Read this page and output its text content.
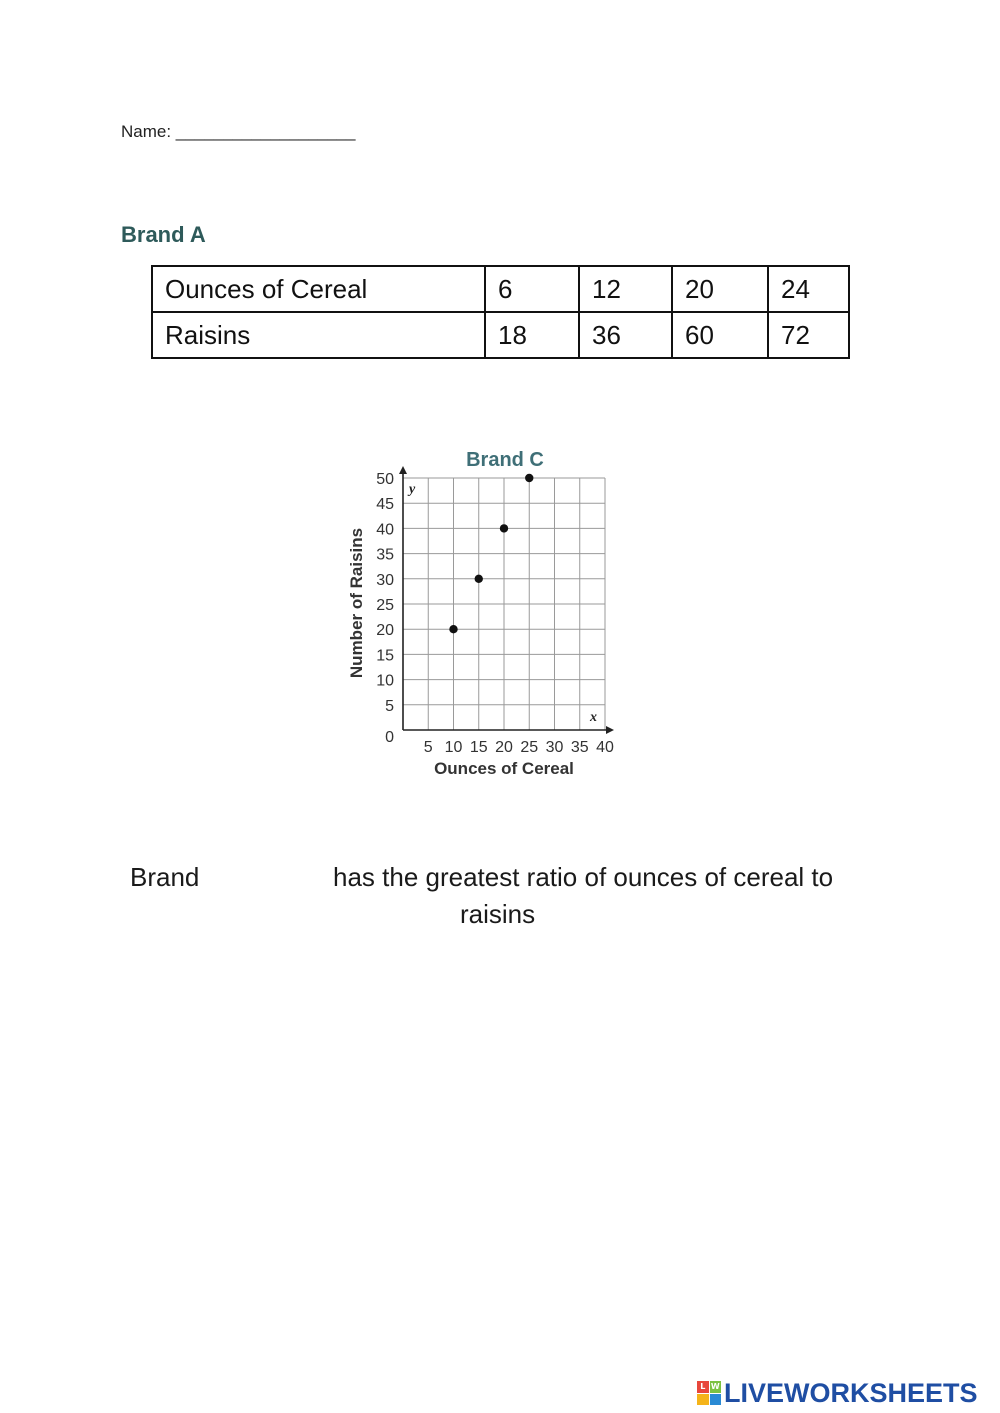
Name: ___________________
Brand A
Ounces of Cereal	6	12	20	24
Raisins	18	36	60	72
Brand C
0
5
10
15
20
25
30
35
40
45
50
5 10 15 20 25 30 35 40
Ounces of Cereal
Number of Raisins
y
x
Brand	has the greatest ratio of ounces of cereal to
raisins
L W LIVEWORKSHEETS
